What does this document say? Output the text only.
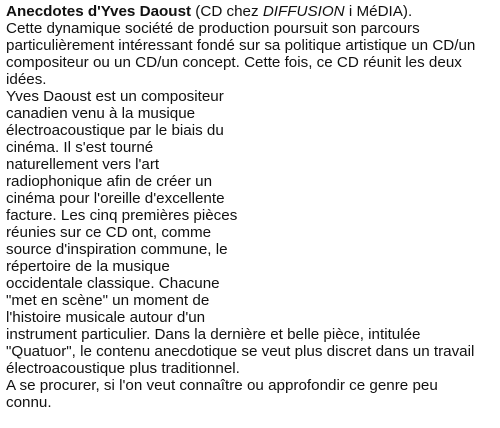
Anecdotes d'Yves Daoust (CD chez DIFFUSION i MéDIA).

Cette dynamique société de production poursuit son parcours

particulièrement intéressant fondé sur sa politique artistique un CD/un

compositeur ou un CD/un concept. Cette fois, ce CD réunit les deux

idées.

Yves Daoust est un compositeur

canadien venu à la musique

électroacoustique par le biais du

cinéma. Il s'est tourné

naturellement vers l'art

radiophonique afin de créer un

cinéma pour l'oreille d'excellente

facture. Les cinq premières pièces

réunies sur ce CD ont, comme

source d'inspiration commune, le

répertoire de la musique

occidentale classique. Chacune

"met en scène" un moment de

l'histoire musicale autour d'un

instrument particulier. Dans la dernière et belle pièce, intitulée

"Quatuor", le contenu anecdotique se veut plus discret dans un travail

électroacoustique plus traditionnel.

A se procurer, si l'on veut connaître ou approfondir ce genre peu

connu.
